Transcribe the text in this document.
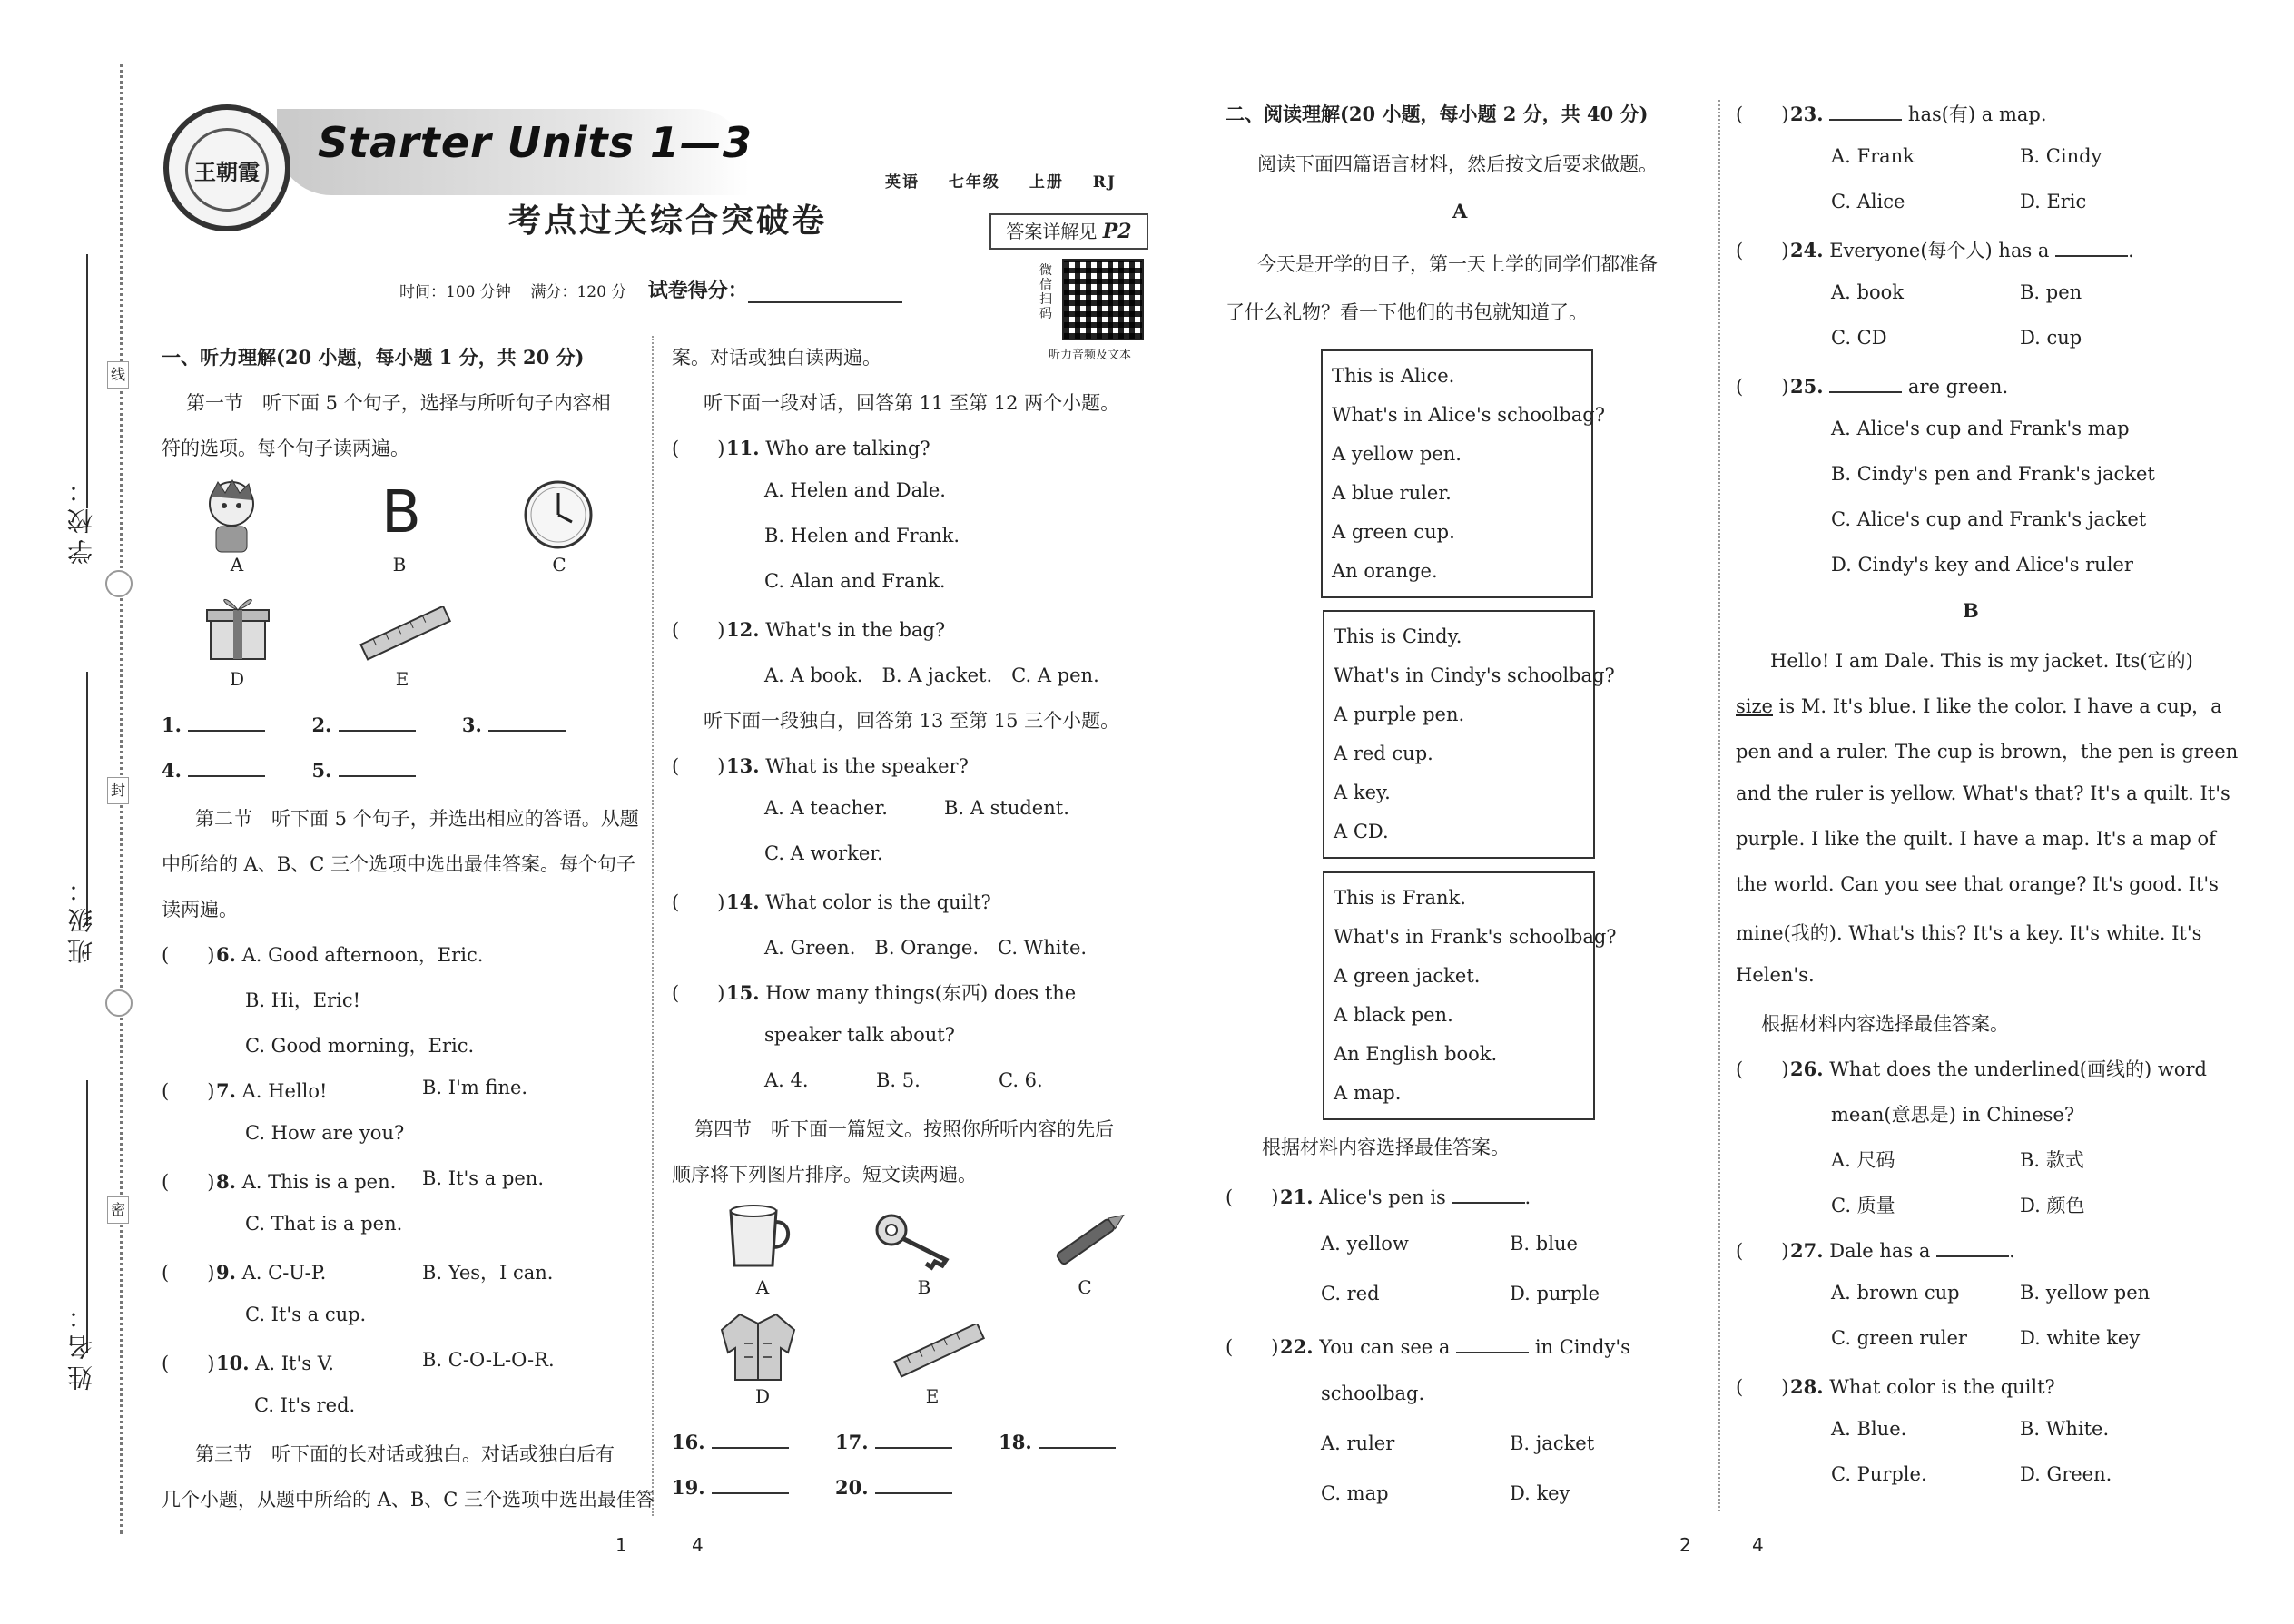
学校：
班级：
姓名：
线
封
密
王朝霞
Starter Units 1—3
考点过关综合突破卷
英语 七年级 上册 RJ
答案详解见 P2
时间：100 分钟 满分：120 分 试卷得分：
微信扫码
听力音频及文本
一、听力理解(20 小题，每小题 1 分，共 20 分)
第一节　听下面 5 个句子，选择与所听句子内容相
符的选项。每个句子读两遍。
B
A	B	C
D	E
1.	2.	3.
4.	5.
第二节　听下面 5 个句子，并选出相应的答语。从题
中所给的 A、B、C 三个选项中选出最佳答案。每个句子
读两遍。
(　　)6. A. Good afternoon，Eric.
B. Hi，Eric!
C. Good morning，Eric.
(　　)7. A. Hello!	B. I'm fine.
C. How are you?
(　　)8. A. This is a pen. B. It's a pen.
C. That is a pen.
(　　)9. A. C-U-P.	B. Yes，I can.
C. It's a cup.
(　　)10. A. It's V.	B. C-O-L-O-R.
C. It's red.
第三节　听下面的长对话或独白。对话或独白后有
几个小题，从题中所给的 A、B、C 三个选项中选出最佳答
案。对话或独白读两遍。
听下面一段对话，回答第 11 至第 12 两个小题。
(　　)11. Who are talking?
A. Helen and Dale.
B. Helen and Frank.
C. Alan and Frank.
(　　)12. What's in the bag?
A. A book.　B. A jacket.　C. A pen.
听下面一段独白，回答第 13 至第 15 三个小题。
(　　)13. What is the speaker?
A. A teacher.	B. A student.
C. A worker.
(　　)14. What color is the quilt?
A. Green.　B. Orange.　C. White.
(　　)15. How many things(东西) does the
speaker talk about?
A. 4.	B. 5.	C. 6.
第四节　听下面一篇短文。按照你所听内容的先后
顺序将下列图片排序。短文读两遍。
A	B	C
D	E
16.	17.	18.
19.	20.
1	4
二、阅读理解(20 小题，每小题 2 分，共 40 分)
阅读下面四篇语言材料，然后按文后要求做题。
A
今天是开学的日子，第一天上学的同学们都准备
了什么礼物？看一下他们的书包就知道了。
This is Alice.
What's in Alice's schoolbag?
A yellow pen.
A blue ruler.
A green cup.
An orange.
This is Cindy.
What's in Cindy's schoolbag?
A purple pen.
A red cup.
A key.
A CD.
This is Frank.
What's in Frank's schoolbag?
A green jacket.
A black pen.
An English book.
A map.
根据材料内容选择最佳答案。
(　　)21. Alice's pen is	.
A. yellow	B. blue
C. red	D. purple
(　　)22. You can see a	in Cindy's
schoolbag.
A. ruler	B. jacket
C. map	D. key
(　　)23.	has(有) a map.
A. Frank	B. Cindy
C. Alice	D. Eric
(　　)24. Everyone(每个人) has a	.
A. book	B. pen
C. CD	D. cup
(　　)25.	are green.
A. Alice's cup and Frank's map
B. Cindy's pen and Frank's jacket
C. Alice's cup and Frank's jacket
D. Cindy's key and Alice's ruler
B
Hello! I am Dale. This is my jacket. Its(它的)
size is M. It's blue. I like the color. I have a cup，a
pen and a ruler. The cup is brown，the pen is green
and the ruler is yellow. What's that? It's a quilt. It's
purple. I like the quilt. I have a map. It's a map of
the world. Can you see that orange? It's good. It's
mine(我的). What's this? It's a key. It's white. It's
Helen's.
根据材料内容选择最佳答案。
(　　)26. What does the underlined(画线的) word
mean(意思是) in Chinese?
A. 尺码	B. 款式
C. 质量	D. 颜色
(　　)27. Dale has a	.
A. brown cup	B. yellow pen
C. green ruler	D. white key
(　　)28. What color is the quilt?
A. Blue.	B. White.
C. Purple.	D. Green.
2	4
